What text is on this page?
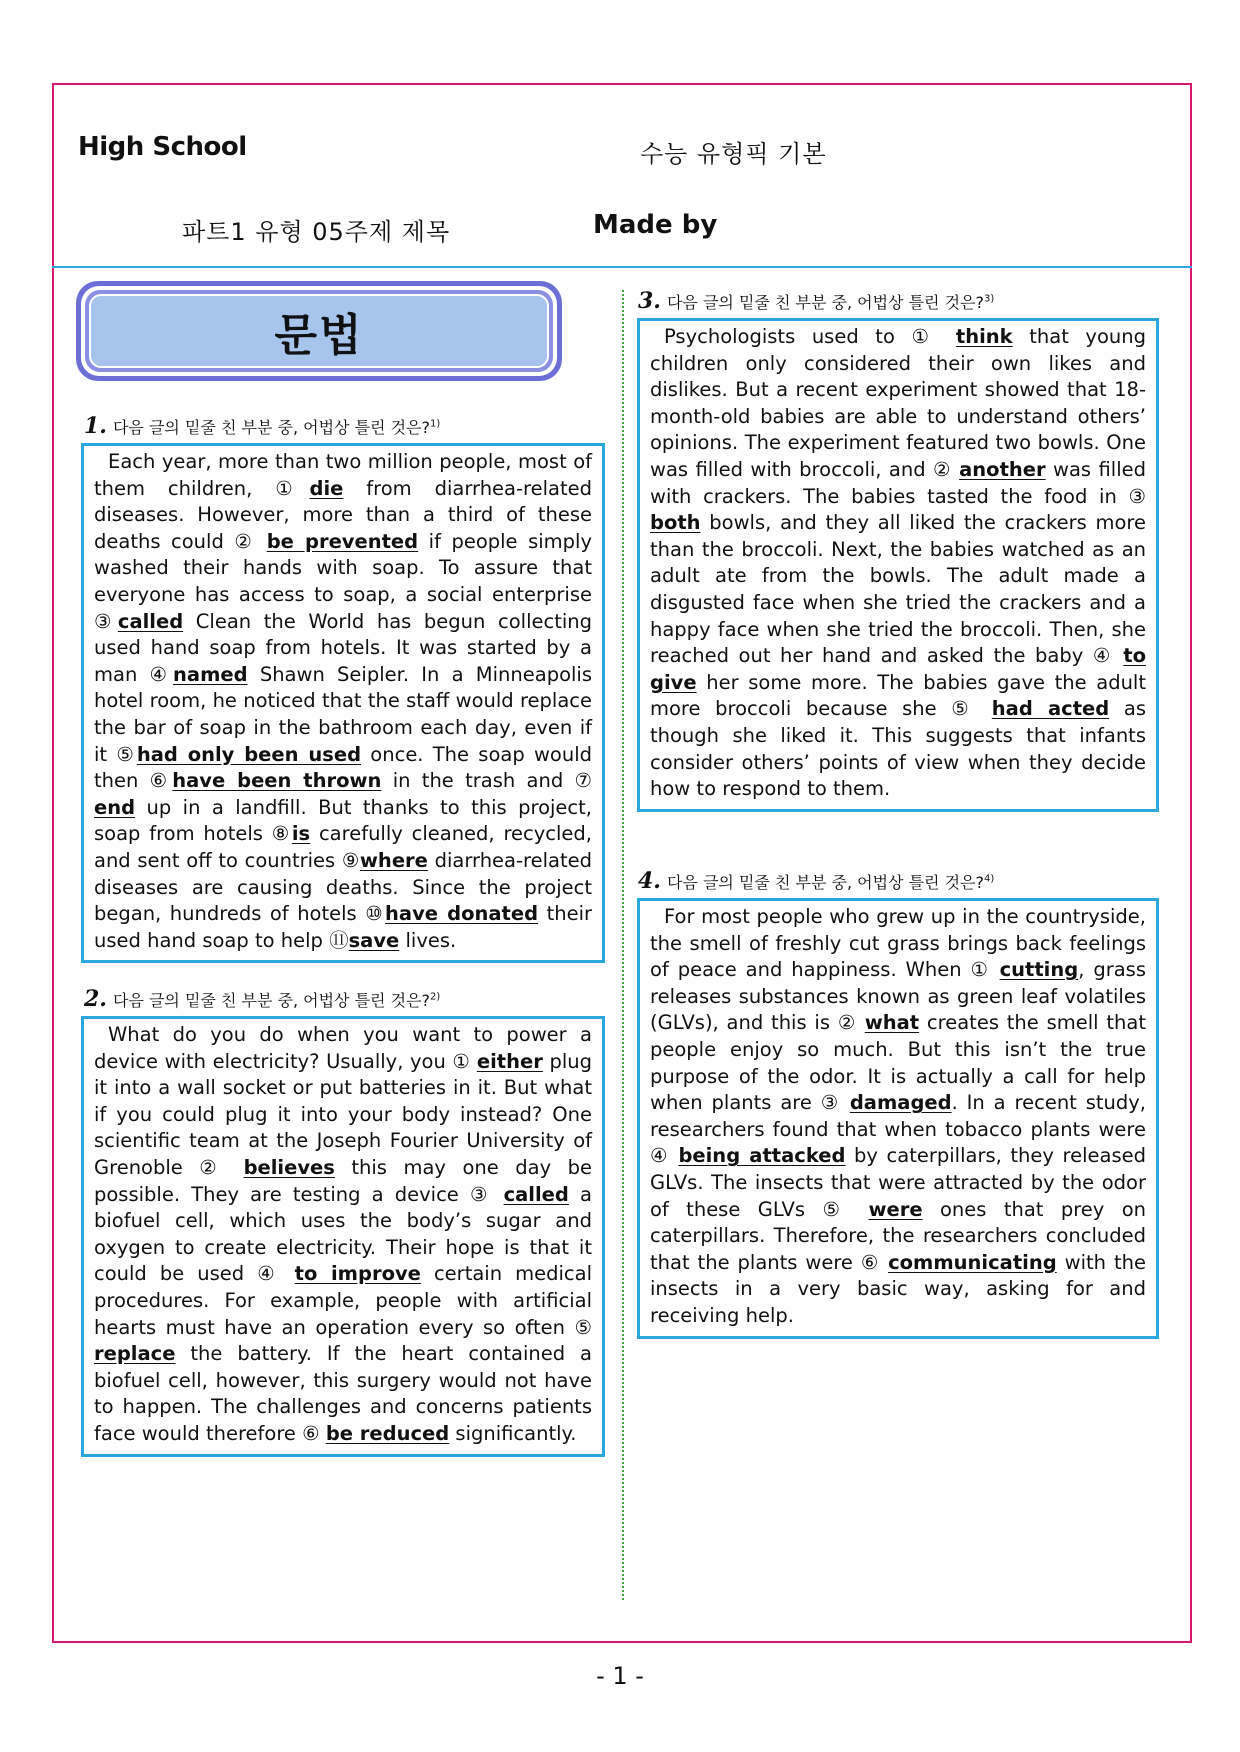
High School	수능 유형픽 기본
파트1 유형 05주제 제목	Made by
문법
1. 다음 글의 밑줄 친 부분 중, 어법상 틀린 것은?$^{1)}$

Each year, more than two million people, most of them children, ①die from diarrhea-related diseases. However, more than a third of these deaths could ② be prevented if people simply washed their hands with soap. To assure that everyone has access to soap, a social enterprise ③called Clean the World has begun collecting used hand soap from hotels. It was started by a man ④named Shawn Seipler. In a Minneapolis hotel room, he noticed that the staff would replace the bar of soap in the bathroom each day, even if it ⑤had only been used once. The soap would then ⑥have been thrown in the trash and ⑦ end up in a landfill. But thanks to this project, soap from hotels ⑧is carefully cleaned, recycled, and sent off to countries ⑨where diarrhea-related diseases are causing deaths. Since the project began, hundreds of hotels ⑩have donated their used hand soap to help ⑪save lives.

2. 다음 글의 밑줄 친 부분 중, 어법상 틀린 것은?$^{2)}$

What do you do when you want to power a device with electricity? Usually, you ① either plug it into a wall socket or put batteries in it. But what if you could plug it into your body instead? One scientific team at the Joseph Fourier University of Grenoble ② believes this may one day be possible. They are testing a device ③ called a biofuel cell, which uses the body’s sugar and oxygen to create electricity. Their hope is that it could be used ④ to improve certain medical procedures. For example, people with artificial hearts must have an operation every so often ⑤ replace the battery. If the heart contained a biofuel cell, however, this surgery would not have to happen. The challenges and concerns patients face would therefore ⑥ be reduced significantly.

3. 다음 글의 밑줄 친 부분 중, 어법상 틀린 것은?$^{3)}$

Psychologists used to ① think that young children only considered their own likes and dislikes. But a recent experiment showed that 18-month-old babies are able to understand others’ opinions. The experiment featured two bowls. One was filled with broccoli, and ② another was filled with crackers. The babies tasted the food in ③ both bowls, and they all liked the crackers more than the broccoli. Next, the babies watched as an adult ate from the bowls. The adult made a disgusted face when she tried the crackers and a happy face when she tried the broccoli. Then, she reached out her hand and asked the baby ④ to give her some more. The babies gave the adult more broccoli because she ⑤ had acted as though she liked it. This suggests that infants consider others’ points of view when they decide how to respond to them.

4. 다음 글의 밑줄 친 부분 중, 어법상 틀린 것은?$^{4)}$

For most people who grew up in the countryside, the smell of freshly cut grass brings back feelings of peace and happiness. When ① cutting, grass releases substances known as green leaf volatiles (GLVs), and this is ② what creates the smell that people enjoy so much. But this isn’t the true purpose of the odor. It is actually a call for help when plants are ③ damaged. In a recent study, researchers found that when tobacco plants were ④ being attacked by caterpillars, they released GLVs. The insects that were attracted by the odor of these GLVs ⑤ were ones that prey on caterpillars. Therefore, the researchers concluded that the plants were ⑥ communicating with the insects in a very basic way, asking for and receiving help.

- 1 -
